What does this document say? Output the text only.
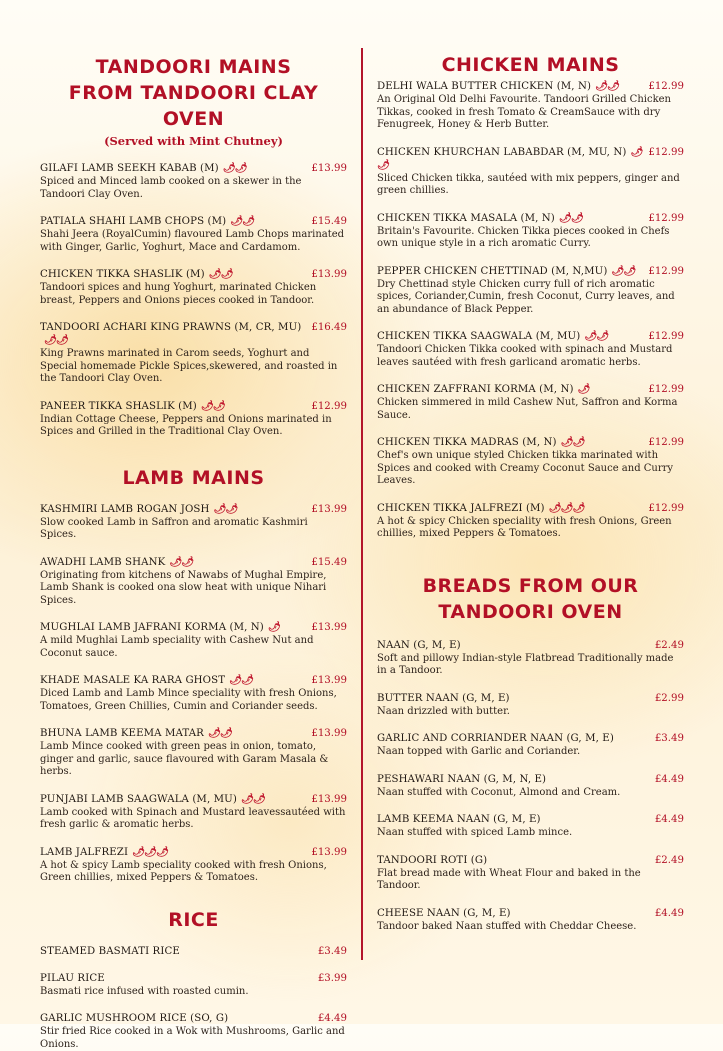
TANDOORI MAINS
FROM TANDOORI CLAY OVEN
(Served with Mint Chutney)
GILAFI LAMB SEEKH KABAB (M) 🌶🌶	£13.99
Spiced and Minced lamb cooked on a skewer in the Tandoori Clay Oven.
PATIALA SHAHI LAMB CHOPS (M) 🌶🌶	£15.49
Shahi Jeera (RoyalCumin) flavoured Lamb Chops marinated with Ginger, Garlic, Yoghurt, Mace and Cardamom.
CHICKEN TIKKA SHASLIK (M) 🌶🌶	£13.99
Tandoori spices and hung Yoghurt, marinated Chicken breast, Peppers and Onions pieces cooked in Tandoor.
TANDOORI ACHARI KING PRAWNS (M, CR, MU)🌶🌶
£16.49
King Prawns marinated in Carom seeds, Yoghurt and Special homemade Pickle Spices,skewered, and roasted in the Tandoori Clay Oven.
PANEER TIKKA SHASLIK (M) 🌶🌶	£12.99
Indian Cottage Cheese, Peppers and Onions marinated in Spices and Grilled in the Traditional Clay Oven.
LAMB MAINS
KASHMIRI LAMB ROGAN JOSH 🌶🌶	£13.99
Slow cooked Lamb in Saffron and aromatic Kashmiri Spices.
AWADHI LAMB SHANK 🌶🌶	£15.49
Originating from kitchens of Nawabs of Mughal Empire, Lamb Shank is cooked ona slow heat with unique Nihari Spices.
MUGHLAI LAMB JAFRANI KORMA (M, N) 🌶	£13.99
A mild Mughlai Lamb speciality with Cashew Nut and Coconut sauce.
KHADE MASALE KA RARA GHOST 🌶🌶	£13.99
Diced Lamb and Lamb Mince speciality with fresh Onions, Tomatoes, Green Chillies, Cumin and Coriander seeds.
BHUNA LAMB KEEMA MATAR 🌶🌶	£13.99
Lamb Mince cooked with green peas in onion, tomato, ginger and garlic, sauce flavoured with Garam Masala & herbs.
PUNJABI LAMB SAAGWALA (M, MU) 🌶🌶	£13.99
Lamb cooked with Spinach and Mustard leavessautéed with fresh garlic & aromatic herbs.
LAMB JALFREZI 🌶🌶🌶	£13.99
A hot & spicy Lamb speciality cooked with fresh Onions, Green chillies, mixed Peppers & Tomatoes.
RICE
STEAMED BASMATI RICE	£3.49
PILAU RICE	£3.99
Basmati rice infused with roasted cumin.
GARLIC MUSHROOM RICE (SO, G)	£4.49
Stir fried Rice cooked in a Wok with Mushrooms, Garlic and Onions.
CHICKEN MAINS
DELHI WALA BUTTER CHICKEN (M, N) 🌶🌶	£12.99
An Original Old Delhi Favourite. Tandoori Grilled Chicken Tikkas, cooked in fresh Tomato & CreamSauce with dry Fenugreek, Honey & Herb Butter.
CHICKEN KHURCHAN LABABDAR (M, MU, N) 🌶🌶
£12.99
Sliced Chicken tikka, sautéed with mix peppers, ginger and green chillies.
CHICKEN TIKKA MASALA (M, N) 🌶🌶	£12.99
Britain's Favourite. Chicken Tikka pieces cooked in Chefs own unique style in a rich aromatic Curry.
PEPPER CHICKEN CHETTINAD (M, N,MU) 🌶🌶 £12.99
Dry Chettinad style Chicken curry full of rich aromatic spices, Coriander,Cumin, fresh Coconut, Curry leaves, and an abundance of Black Pepper.
CHICKEN TIKKA SAAGWALA (M, MU) 🌶🌶	£12.99
Tandoori Chicken Tikka cooked with spinach and Mustard leaves sautéed with fresh garlicand aromatic herbs.
CHICKEN ZAFFRANI KORMA (M, N) 🌶	£12.99
Chicken simmered in mild Cashew Nut, Saffron and Korma Sauce.
CHICKEN TIKKA MADRAS (M, N) 🌶🌶	£12.99
Chef's own unique styled Chicken tikka marinated with Spices and cooked with Creamy Coconut Sauce and Curry Leaves.
CHICKEN TIKKA JALFREZI (M) 🌶🌶🌶	£12.99
A hot & spicy Chicken speciality with fresh Onions, Green chillies, mixed Peppers & Tomatoes.
BREADS FROM OUR
TANDOORI OVEN
NAAN (G, M, E)	£2.49
Soft and pillowy Indian-style Flatbread Traditionally made in a Tandoor.
BUTTER NAAN (G, M, E)	£2.99
Naan drizzled with butter.
GARLIC AND CORRIANDER NAAN (G, M, E)	£3.49
Naan topped with Garlic and Coriander.
PESHAWARI NAAN (G, M, N, E)	£4.49
Naan stuffed with Coconut, Almond and Cream.
LAMB KEEMA NAAN (G, M, E)	£4.49
Naan stuffed with spiced Lamb mince.
TANDOORI ROTI (G)	£2.49
Flat bread made with Wheat Flour and baked in the Tandoor.
CHEESE NAAN (G, M, E)	£4.49
Tandoor baked Naan stuffed with Cheddar Cheese.
